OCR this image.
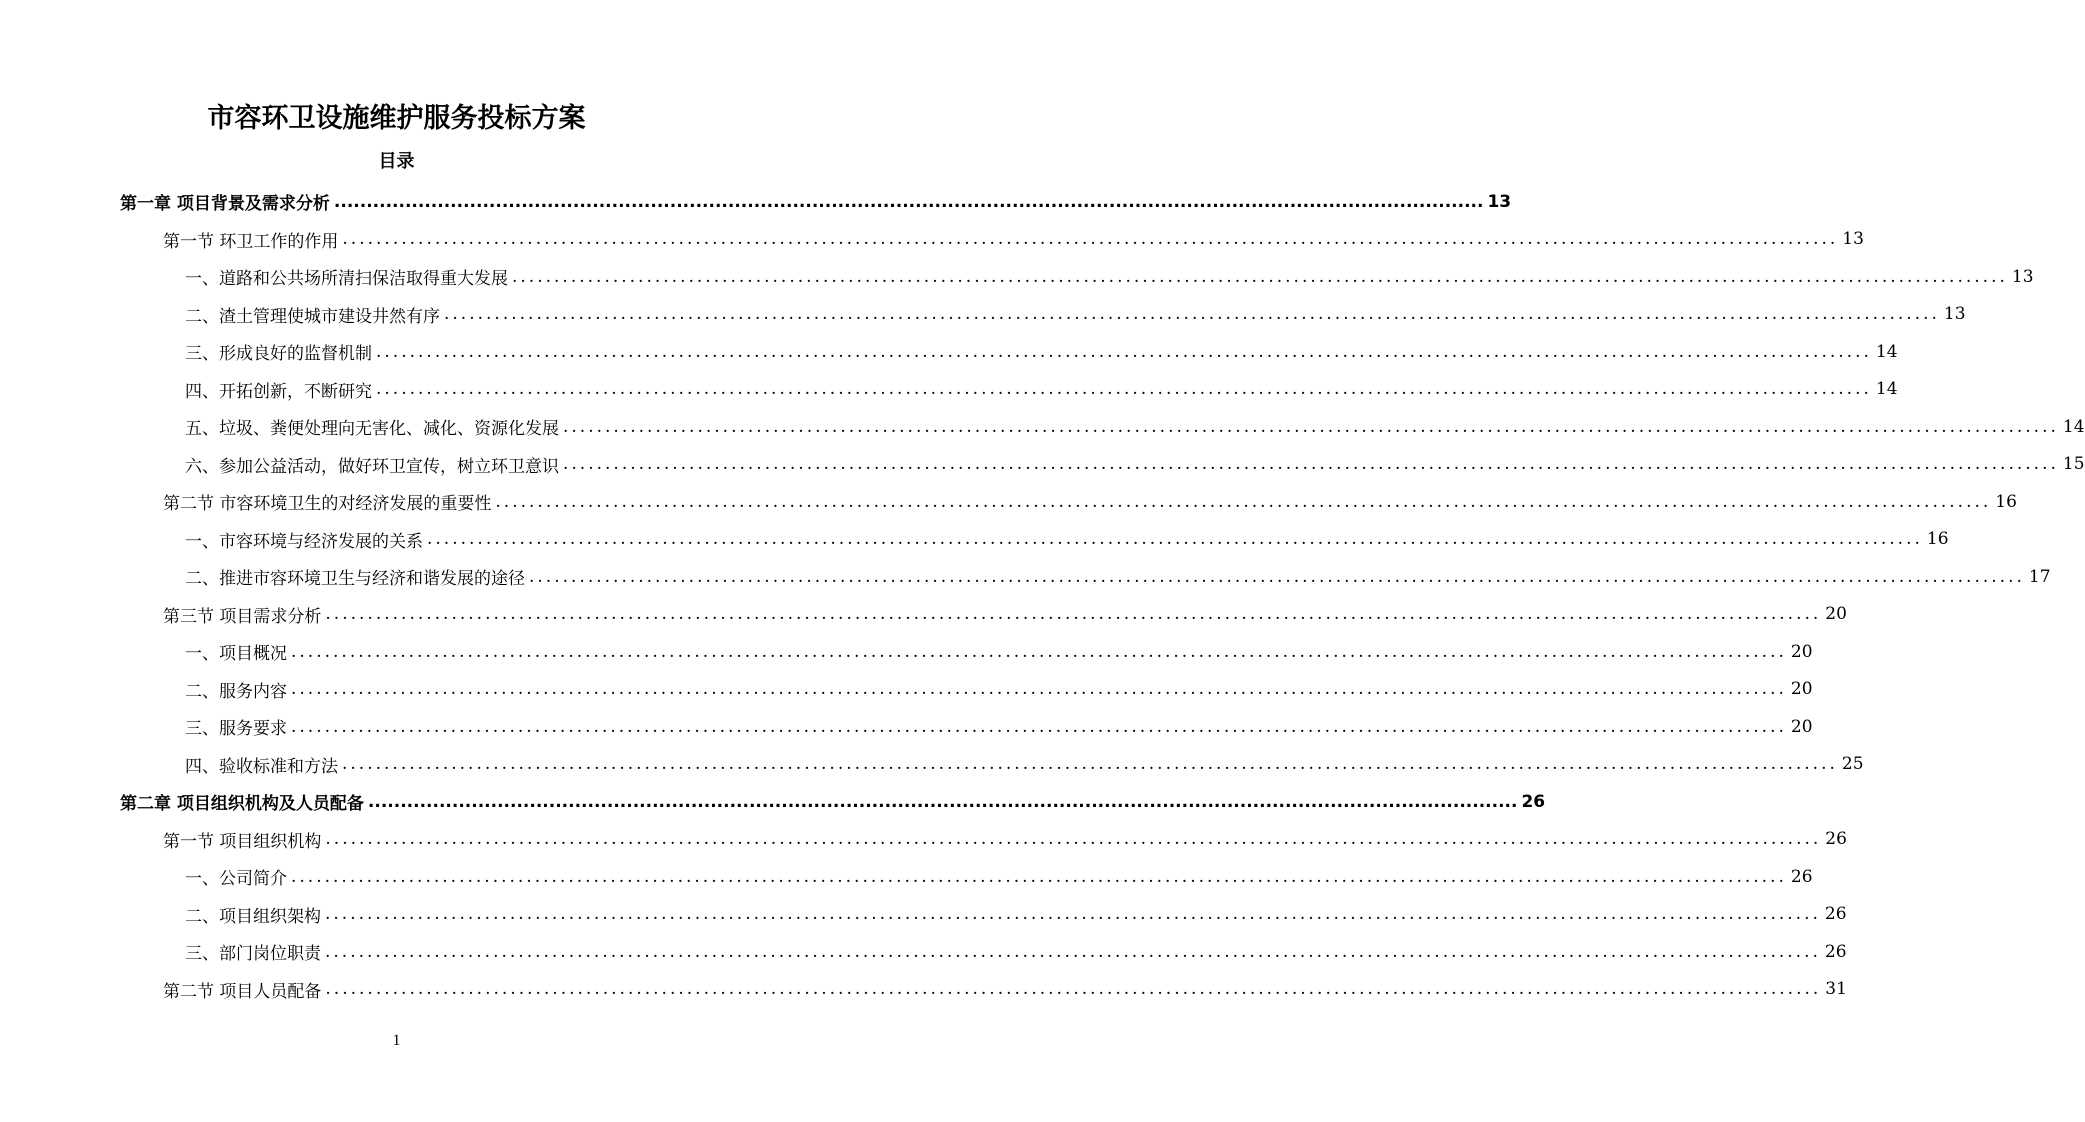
市容环卫设施维护服务投标方案
目录
第一章 项目背景及需求分析 .................................................................................................................................................................................. 13
第一节 环卫工作的作用 .................................................................................................................................................................................. 13
一、道路和公共场所清扫保洁取得重大发展 .................................................................................................................................................................................. 13
二、渣土管理使城市建设井然有序 .................................................................................................................................................................................. 13
三、形成良好的监督机制 .................................................................................................................................................................................. 14
四、开拓创新，不断研究 .................................................................................................................................................................................. 14
五、垃圾、粪便处理向无害化、减化、资源化发展 .................................................................................................................................................................................. 14
六、参加公益活动，做好环卫宣传，树立环卫意识 .................................................................................................................................................................................. 15
第二节 市容环境卫生的对经济发展的重要性 .................................................................................................................................................................................. 16
一、市容环境与经济发展的关系 .................................................................................................................................................................................. 16
二、推进市容环境卫生与经济和谐发展的途径 .................................................................................................................................................................................. 17
第三节 项目需求分析 .................................................................................................................................................................................. 20
一、项目概况 .................................................................................................................................................................................. 20
二、服务内容 .................................................................................................................................................................................. 20
三、服务要求 .................................................................................................................................................................................. 20
四、验收标准和方法 .................................................................................................................................................................................. 25
第二章 项目组织机构及人员配备 .................................................................................................................................................................................. 26
第一节 项目组织机构 .................................................................................................................................................................................. 26
一、公司简介 .................................................................................................................................................................................. 26
二、项目组织架构 .................................................................................................................................................................................. 26
三、部门岗位职责 .................................................................................................................................................................................. 26
第二节 项目人员配备 .................................................................................................................................................................................. 31
1
